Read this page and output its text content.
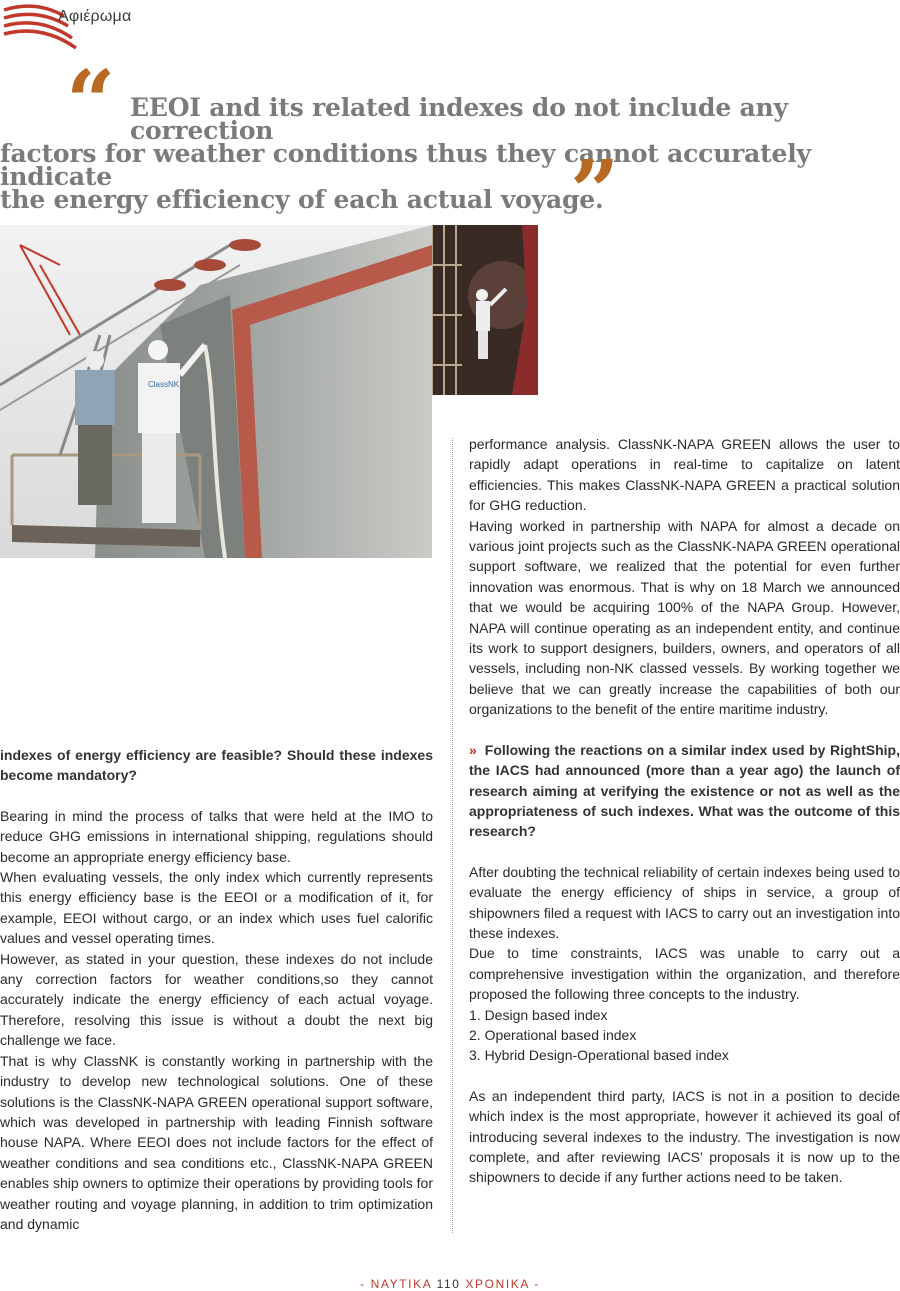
Αφιέρωμα
“ EEOI and its related indexes do not include any correction
factors for weather conditions thus they cannot accurately indicate
the energy efficiency of each actual voyage.
”
ClassNK

indexes of energy efficiency are feasible? Should these indexes become mandatory?

Bearing in mind the process of talks that were held at the IMO to reduce GHG emissions in international shipping, regulations should become an appropriate energy efficiency base.

When evaluating vessels, the only index which currently represents this energy efficiency base is the EEOI or a modification of it, for example, EEOI without cargo, or an index which uses fuel calorific values and vessel operating times.

However, as stated in your question, these indexes do not include any correction factors for weather conditions,so they cannot accurately indicate the energy efficiency of each actual voyage. Therefore, resolving this issue is without a doubt the next big challenge we face.

That is why ClassNK is constantly working in partnership with the industry to develop new technological solutions. One of these solutions is the ClassNK-NAPA GREEN operational support software, which was developed in partnership with leading Finnish software house NAPA. Where EEOI does not include factors for the effect of weather conditions and sea conditions etc., ClassNK-NAPA GREEN enables ship owners to optimize their operations by providing tools for weather routing and voyage planning, in addition to trim optimization and dynamic

performance analysis. ClassNK-NAPA GREEN allows the user to rapidly adapt operations in real-time to capitalize on latent efficiencies. This makes ClassNK-NAPA GREEN a practical solution for GHG reduction.

Having worked in partnership with NAPA for almost a decade on various joint projects such as the ClassNK-NAPA GREEN operational support software, we realized that the potential for even further innovation was enormous. That is why on 18 March we announced that we would be acquiring 100% of the NAPA Group. However, NAPA will continue operating as an independent entity, and continue its work to support designers, builders, owners, and operators of all vessels, including non-NK classed vessels. By working together we believe that we can greatly increase the capabilities of both our organizations to the benefit of the entire maritime industry.

» Following the reactions on a similar index used by RightShip, the IACS had announced (more than a year ago) the launch of research aiming at verifying the existence or not as well as the appropriateness of such indexes. What was the outcome of this research?

After doubting the technical reliability of certain indexes being used to evaluate the energy efficiency of ships in service, a group of shipowners filed a request with IACS to carry out an investigation into these indexes.

Due to time constraints, IACS was unable to carry out a comprehensive investigation within the organization, and therefore proposed the following three concepts to the industry.

1. Design based index

2. Operational based index

3. Hybrid Design-Operational based index

As an independent third party, IACS is not in a position to decide which index is the most appropriate, however it achieved its goal of introducing several indexes to the industry. The investigation is now complete, and after reviewing IACS’ proposals it is now up to the shipowners to decide if any further actions need to be taken.

- ΝΑΥΤΙΚΑ 110 ΧΡΟΝΙΚΑ -
